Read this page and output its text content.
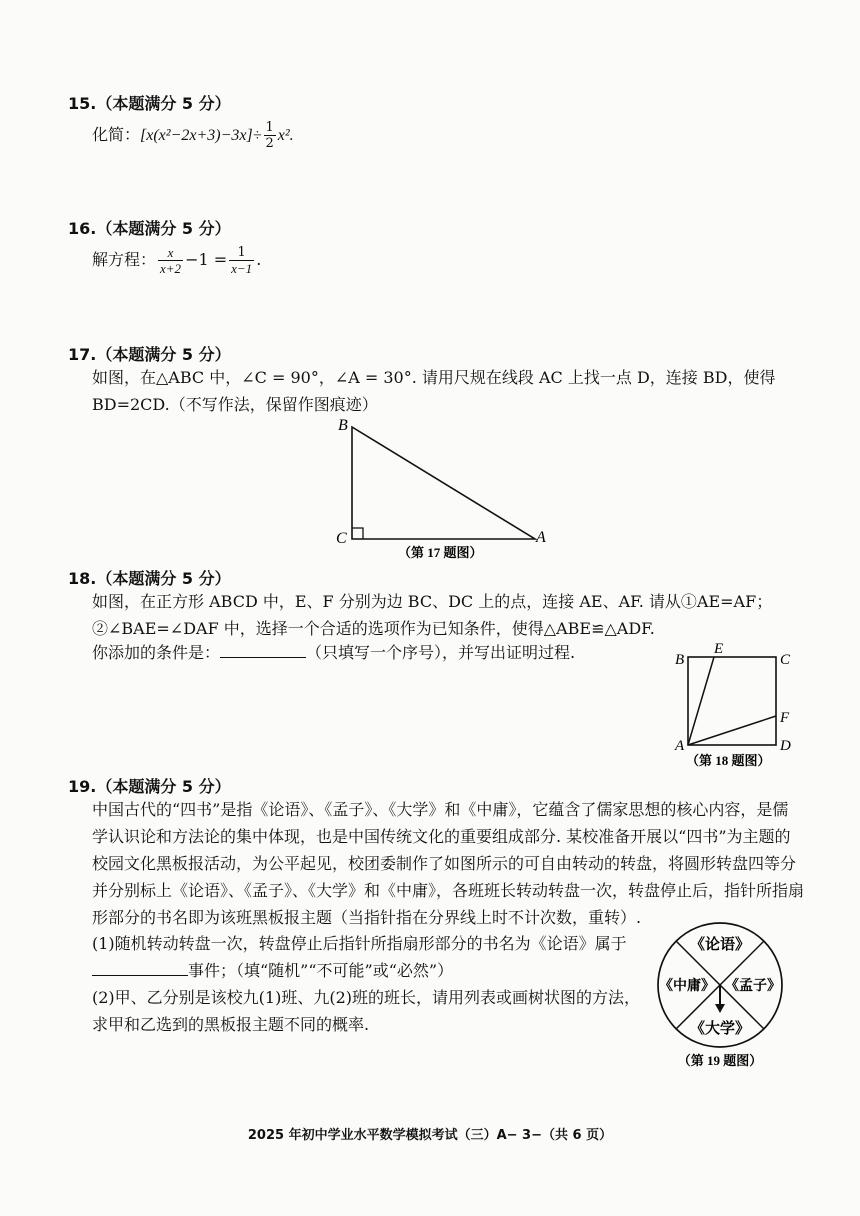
15.（本题满分 5 分）
化简：$[x(x^2-2x+3)-3x]\div \frac{1}{2} x^2$.
16.（本题满分 5 分）
解方程： $\frac{x}{x+2} -1 = \frac{1}{x-1}$ .
17.（本题满分 5 分）
如图，在△ABC 中，∠C = 90°，∠A = 30°. 请用尺规在线段 AC 上找一点 D，连接 BD，使得 BD=2CD.（不写作法，保留作图痕迹）
B
C	A
（第 17 题图）
18.（本题满分 5 分）
如图，在正方形 ABCD 中，E、F 分别为边 BC、DC 上的点，连接 AE、AF. 请从①AE=AF；②∠BAE=∠DAF 中，选择一个合适的选项作为已知条件，使得△ABE≌△ADF.
你添加的条件是：	（只填写一个序号），并写出证明过程.	B
E
C
F
A	D
（第 18 题图）
19.（本题满分 5 分）
中国古代的“四书”是指《论语》、《孟子》、《大学》和《中庸》，它蕴含了儒家思想的核心内容，是儒学认识论和方法论的集中体现，也是中国传统文化的重要组成部分. 某校准备开展以“四书”为主题的校园文化黑板报活动，为公平起见，校团委制作了如图所示的可自由转动的转盘，将圆形转盘四等分并分别标上《论语》、《孟子》、《大学》和《中庸》，各班班长转动转盘一次，转盘停止后，指针所指扇形部分的书名即为该班黑板报主题（当指针指在分界线上时不计次数，重转）.
(1)随机转动转盘一次，转盘停止后指针所指扇形部分的书名为《论语》属于
事件；（填“随机”“不可能”或“必然”）
(2)甲、乙分别是该校九(1)班、九(2)班的班长，请用列表或画树状图的方法，求甲和乙选到的黑板报主题不同的概率.
《论语》
《孟子》
《大学》
《中庸》
（第 19 题图）
2025 年初中学业水平数学模拟考试（三）A− 3−（共 6 页）
